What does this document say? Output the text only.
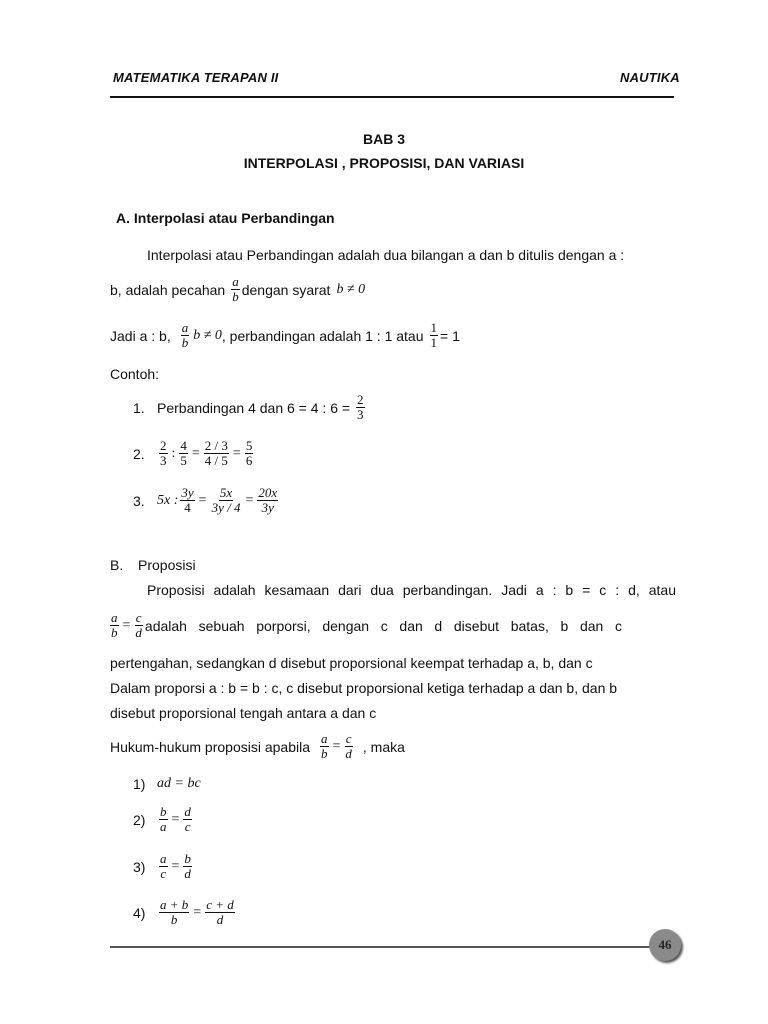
MATEMATIKA TERAPAN II	NAUTIKA
BAB 3
INTERPOLASI , PROPOSISI, DAN VARIASI
A. Interpolasi atau Perbandingan
Interpolasi atau Perbandingan adalah dua bilangan a dan b ditulis dengan a :
b, adalah pecahan $\frac{a}{b}$ dengan syarat b ≠ 0
Jadi a : b, $\frac{a}{b}$ b ≠ 0 , perbandingan adalah 1 : 1 atau $\frac{1}{1} = 1$
Contoh:
1. Perbandingan 4 dan 6 = 4 : $6 = \frac{2}{3}$
2.	$\frac{2}{3}$ : $\frac{4}{5} = \frac{2 / 3}{4 / 5} = \frac{5}{6}$
3. 5x : $\frac{3y}{4} = \frac{5x}{3y / 4} = \frac{20x}{3y}$
B. Proposisi
Proposisi adalah kesamaan dari dua perbandingan. Jadi a : b = c : d, atau
$\frac{a}{b} = \frac{c}{d}$ adalah   sebuah   porporsi,   dengan   c   dan   d   disebut   batas,   b   dan   c
pertengahan, sedangkan d disebut proporsional keempat terhadap a, b, dan c
Dalam proporsi a : b = b : c, c disebut proporsional ketiga terhadap a dan b, dan b
disebut proporsional tengah antara a dan c
Hukum-hukum proposisi apabila $\frac{a}{b} = \frac{c}{d}$ , maka
1) ad = bc
2)	$\frac{b}{a} = \frac{d}{c}$
3)	$\frac{a}{c} = \frac{b}{d}$
4)	$\frac{a + b}{b} = \frac{c + d}{d}$
46
